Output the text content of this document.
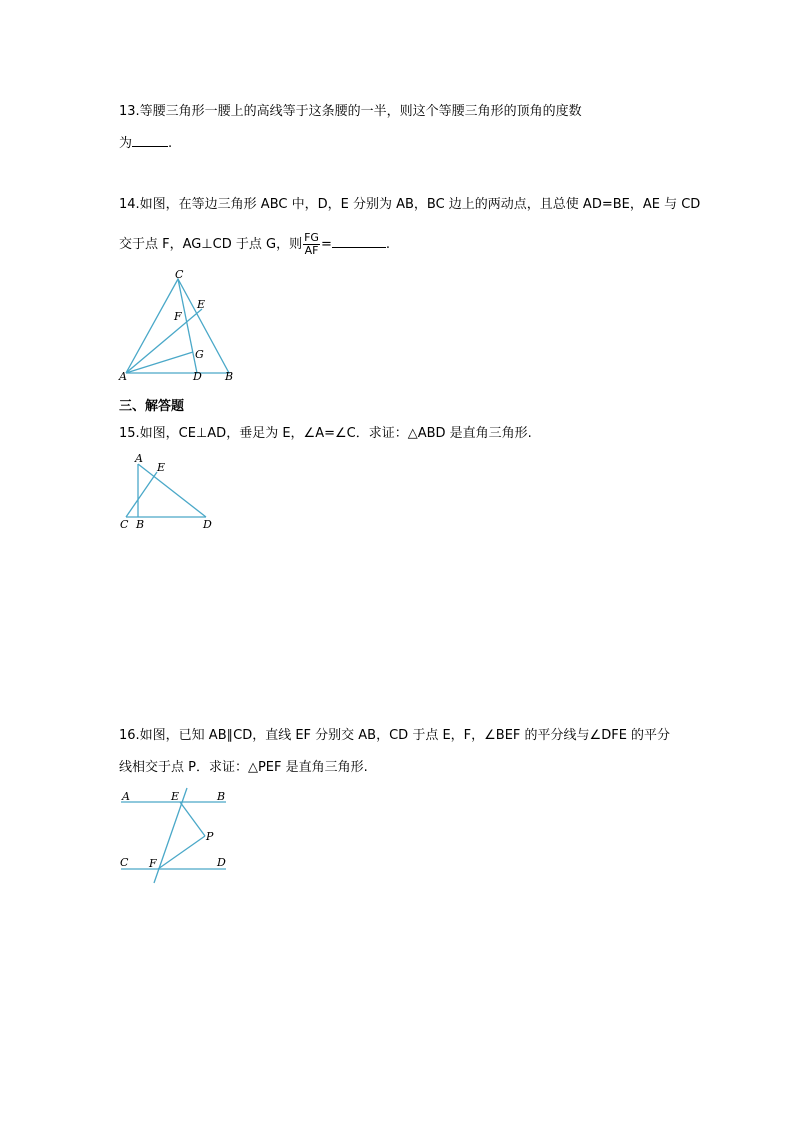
13.等腰三角形一腰上的高线等于这条腰的一半，则这个等腰三角形的顶角的度数
为	.
14.如图，在等边三角形 ABC 中，D，E 分别为 AB，BC 边上的两动点，且总使 AD=BE，AE 与 CD
交于点 F，AG⊥CD 于点 G，则 $\frac{FG}{AF}$ =	.
C
E
F
G
A	D B
三、解答题
15.如图，CE⊥AD，垂足为 E，∠A=∠C．求证：△ABD 是直角三角形.
A
E
C B	D
16.如图，已知 AB∥CD，直线 EF 分别交 AB，CD 于点 E，F，∠BEF 的平分线与∠DFE 的平分
线相交于点 P．求证：△PEF 是直角三角形.
A	E	B
P
C F	D
